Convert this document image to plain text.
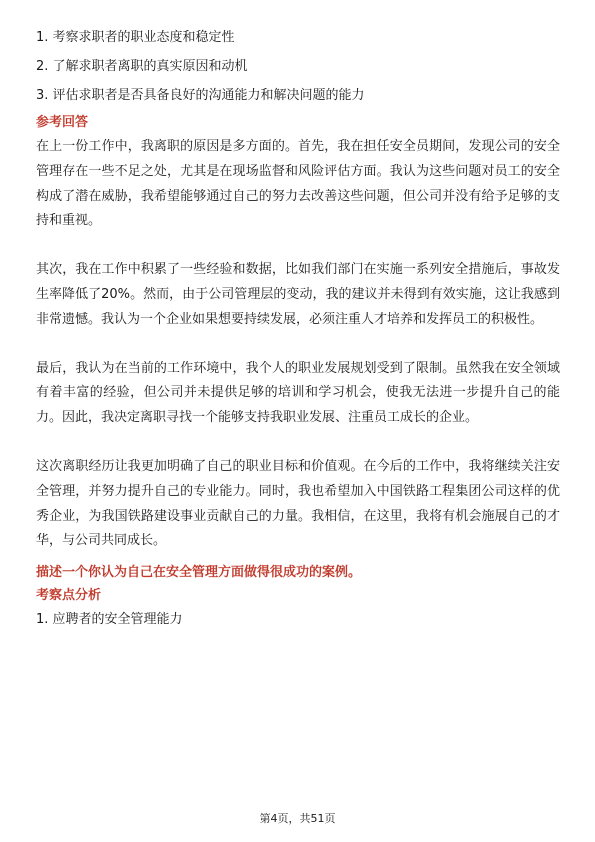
1. 考察求职者的职业态度和稳定性

2. 了解求职者离职的真实原因和动机

3. 评估求职者是否具备良好的沟通能力和解决问题的能力

参考回答

在上一份工作中，我离职的原因是多方面的。首先，我在担任安全员期间，发现公司的安全管理存在一些不足之处，尤其是在现场监督和风险评估方面。我认为这些问题对员工的安全构成了潜在威胁，我希望能够通过自己的努力去改善这些问题，但公司并没有给予足够的支持和重视。

其次，我在工作中积累了一些经验和数据，比如我们部门在实施一系列安全措施后，事故发生率降低了20%。然而，由于公司管理层的变动，我的建议并未得到有效实施，这让我感到非常遗憾。我认为一个企业如果想要持续发展，必须注重人才培养和发挥员工的积极性。

最后，我认为在当前的工作环境中，我个人的职业发展规划受到了限制。虽然我在安全领域有着丰富的经验，但公司并未提供足够的培训和学习机会，使我无法进一步提升自己的能力。因此，我决定离职寻找一个能够支持我职业发展、注重员工成长的企业。

这次离职经历让我更加明确了自己的职业目标和价值观。在今后的工作中，我将继续关注安全管理，并努力提升自己的专业能力。同时，我也希望加入中国铁路工程集团公司这样的优秀企业，为我国铁路建设事业贡献自己的力量。我相信，在这里，我将有机会施展自己的才华，与公司共同成长。

描述一个你认为自己在安全管理方面做得很成功的案例。

考察点分析

1. 应聘者的安全管理能力

第4页，共51页
